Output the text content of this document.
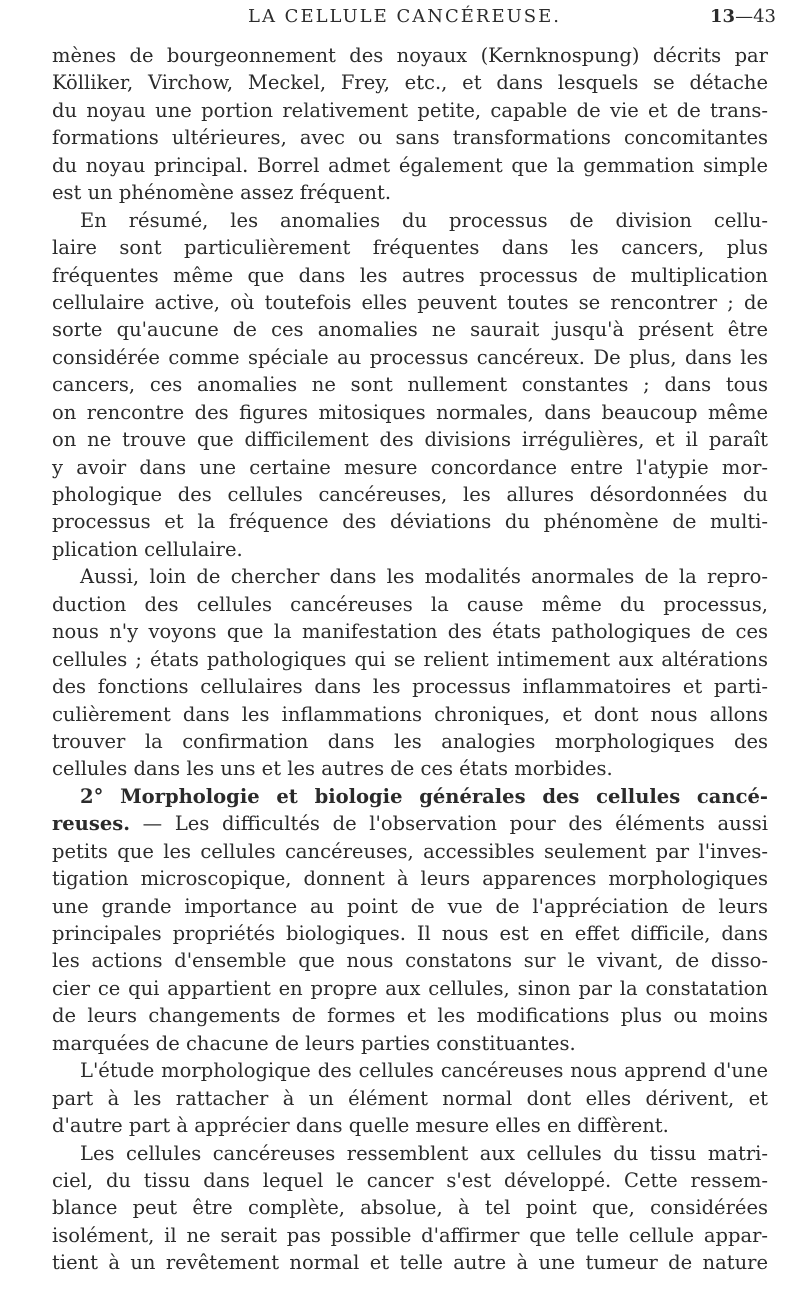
LA CELLULE CANCÉREUSE.	13—43
mènes de bourgeonnement des noyaux (Kernknospung) décrits par
Kölliker, Virchow, Meckel, Frey, etc., et dans lesquels se détache
du noyau une portion relativement petite, capable de vie et de trans-
formations ultérieures, avec ou sans transformations concomitantes
du noyau principal. Borrel admet également que la gemmation simple
est un phénomène assez fréquent.
En résumé, les anomalies du processus de division cellu-
laire sont particulièrement fréquentes dans les cancers, plus
fréquentes même que dans les autres processus de multiplication
cellulaire active, où toutefois elles peuvent toutes se rencontrer ; de
sorte qu'aucune de ces anomalies ne saurait jusqu'à présent être
considérée comme spéciale au processus cancéreux. De plus, dans les
cancers, ces anomalies ne sont nullement constantes ; dans tous
on rencontre des figures mitosiques normales, dans beaucoup même
on ne trouve que difficilement des divisions irrégulières, et il paraît
y avoir dans une certaine mesure concordance entre l'atypie mor-
phologique des cellules cancéreuses, les allures désordonnées du
processus et la fréquence des déviations du phénomène de multi-
plication cellulaire.
Aussi, loin de chercher dans les modalités anormales de la repro-
duction des cellules cancéreuses la cause même du processus,
nous n'y voyons que la manifestation des états pathologiques de ces
cellules ; états pathologiques qui se relient intimement aux altérations
des fonctions cellulaires dans les processus inflammatoires et parti-
culièrement dans les inflammations chroniques, et dont nous allons
trouver la confirmation dans les analogies morphologiques des
cellules dans les uns et les autres de ces états morbides.
2° Morphologie et biologie générales des cellules cancé-
reuses. — Les difficultés de l'observation pour des éléments aussi
petits que les cellules cancéreuses, accessibles seulement par l'inves-
tigation microscopique, donnent à leurs apparences morphologiques
une grande importance au point de vue de l'appréciation de leurs
principales propriétés biologiques. Il nous est en effet difficile, dans
les actions d'ensemble que nous constatons sur le vivant, de disso-
cier ce qui appartient en propre aux cellules, sinon par la constatation
de leurs changements de formes et les modifications plus ou moins
marquées de chacune de leurs parties constituantes.
L'étude morphologique des cellules cancéreuses nous apprend d'une
part à les rattacher à un élément normal dont elles dérivent, et
d'autre part à apprécier dans quelle mesure elles en diffèrent.
Les cellules cancéreuses ressemblent aux cellules du tissu matri-
ciel, du tissu dans lequel le cancer s'est développé. Cette ressem-
blance peut être complète, absolue, à tel point que, considérées
isolément, il ne serait pas possible d'affirmer que telle cellule appar-
tient à un revêtement normal et telle autre à une tumeur de nature
